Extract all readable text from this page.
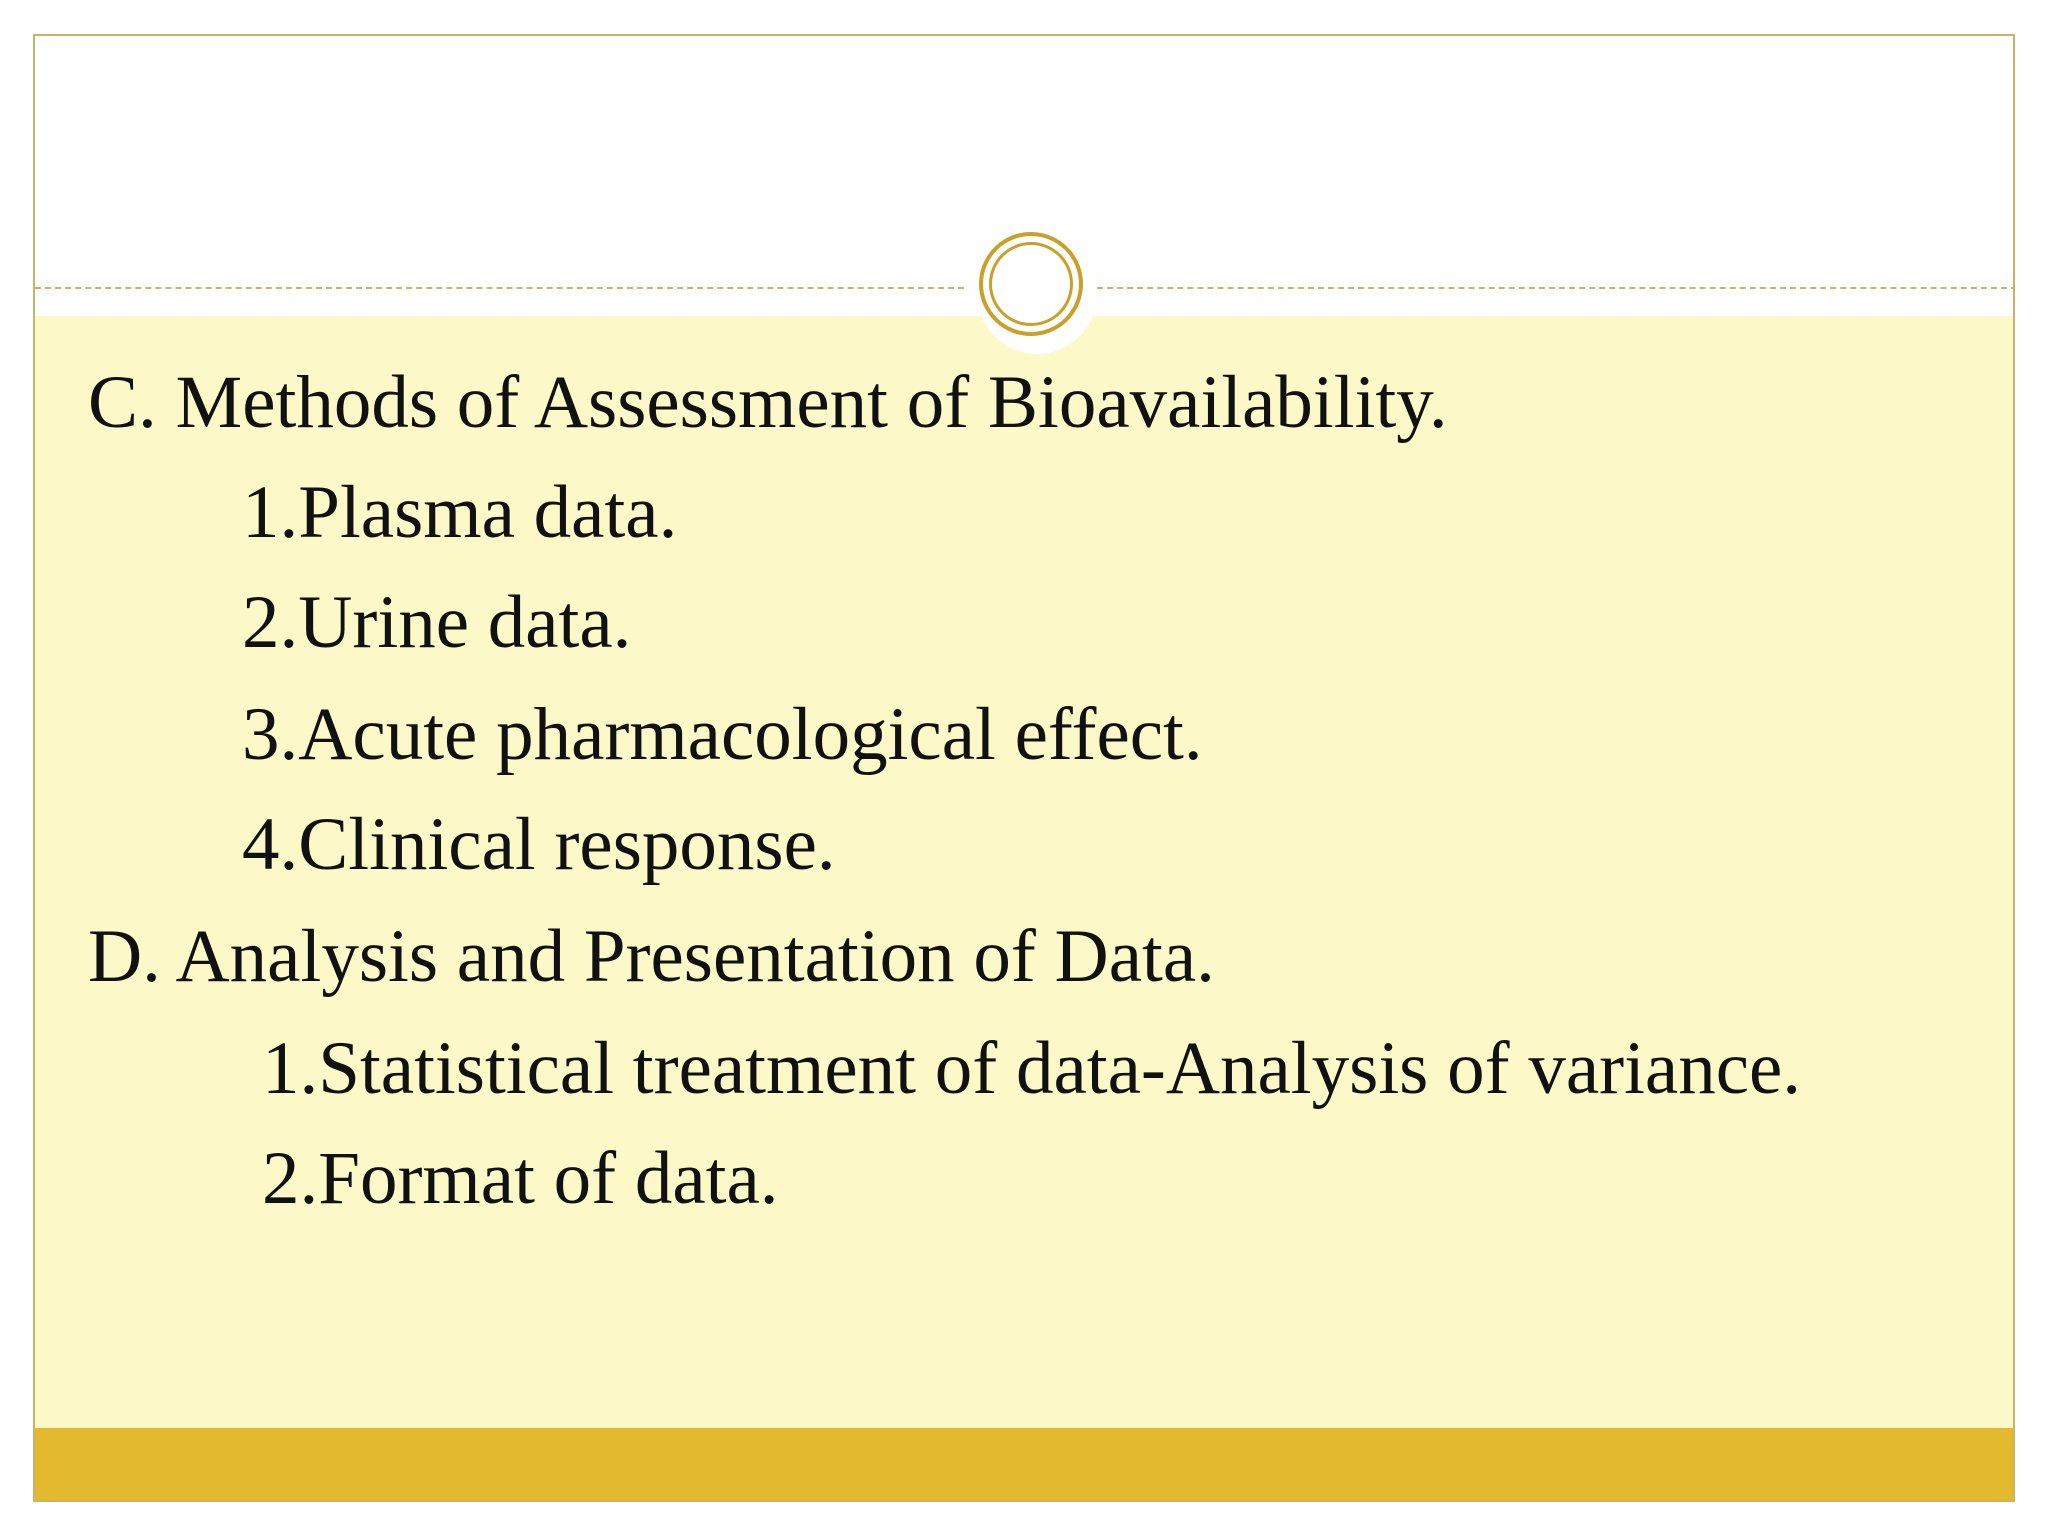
C. Methods of Assessment of Bioavailability.

1.Plasma data.

2.Urine data.

3.Acute pharmacological effect.

4.Clinical response.

D. Analysis and Presentation of Data.

1.Statistical treatment of data-Analysis of variance.

2.Format of data.
